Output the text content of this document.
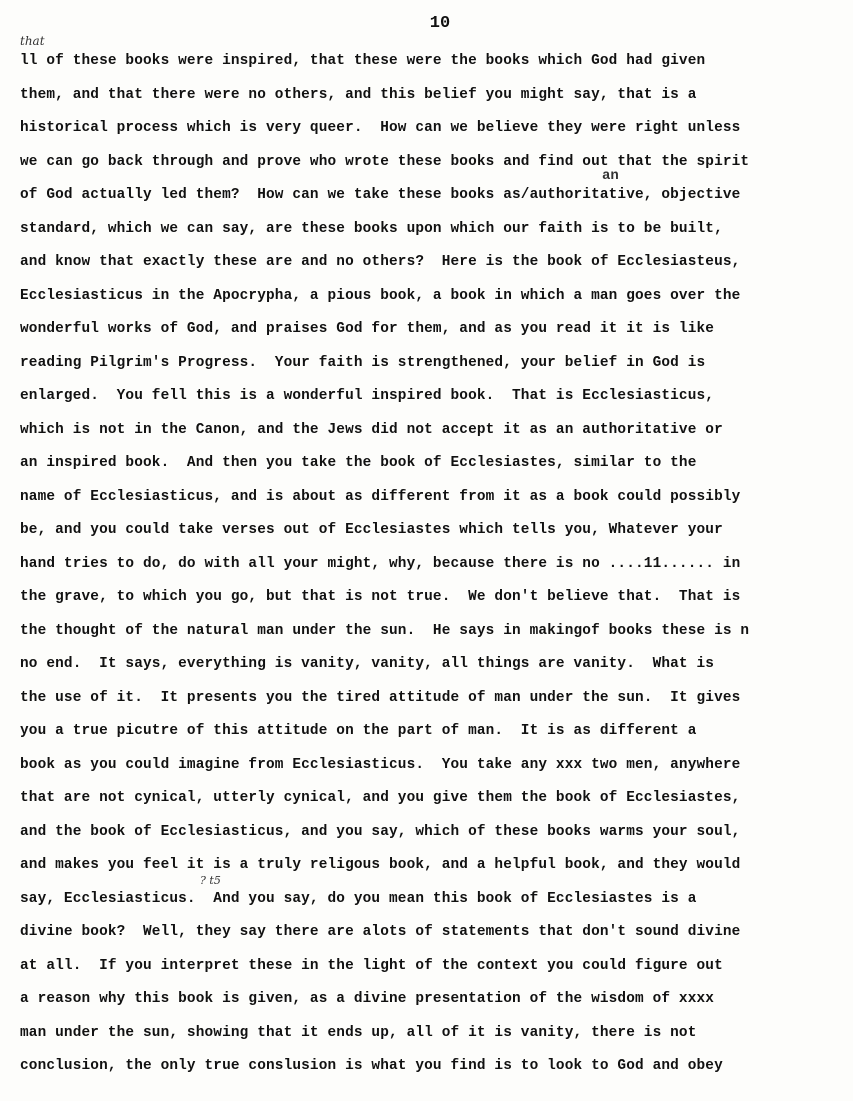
10
that
an
? t5
ll of these books were inspired, that these were the books which God had given
them, and that there were no others, and this belief you might say, that is a
historical process which is very queer.  How can we believe they were right unless
we can go back through and prove who wrote these books and find out that the spirit
of God actually led them?  How can we take these books as/authoritative, objective
standard, which we can say, are these books upon which our faith is to be built,
and know that exactly these are and no others?  Here is the book of Ecclesiasteus,
Ecclesiasticus in the Apocrypha, a pious book, a book in which a man goes over the
wonderful works of God, and praises God for them, and as you read it it is like
reading Pilgrim's Progress.  Your faith is strengthened, your belief in God is
enlarged.  You fell this is a wonderful inspired book.  That is Ecclesiasticus,
which is not in the Canon, and the Jews did not accept it as an authoritative or
an inspired book.  And then you take the book of Ecclesiastes, similar to the
name of Ecclesiasticus, and is about as different from it as a book could possibly
be, and you could take verses out of Ecclesiastes which tells you, Whatever your
hand tries to do, do with all your might, why, because there is no ....11...... in
the grave, to which you go, but that is not true.  We don't believe that.  That is
the thought of the natural man under the sun.  He says in makingof books these is n
no end.  It says, everything is vanity, vanity, all things are vanity.  What is
the use of it.  It presents you the tired attitude of man under the sun.  It gives
you a true picutre of this attitude on the part of man.  It is as different a
book as you could imagine from Ecclesiasticus.  You take any xxx two men, anywhere
that are not cynical, utterly cynical, and you give them the book of Ecclesiastes,
and the book of Ecclesiasticus, and you say, which of these books warms your soul,
and makes you feel it is a truly religous book, and a helpful book, and they would
say, Ecclesiasticus.  And you say, do you mean this book of Ecclesiastes is a
divine book?  Well, they say there are alots of statements that don't sound divine
at all.  If you interpret these in the light of the context you could figure out
a reason why this book is given, as a divine presentation of the wisdom of xxxx
man under the sun, showing that it ends up, all of it is vanity, there is not
conclusion, the only true conslusion is what you find is to look to God and obey
